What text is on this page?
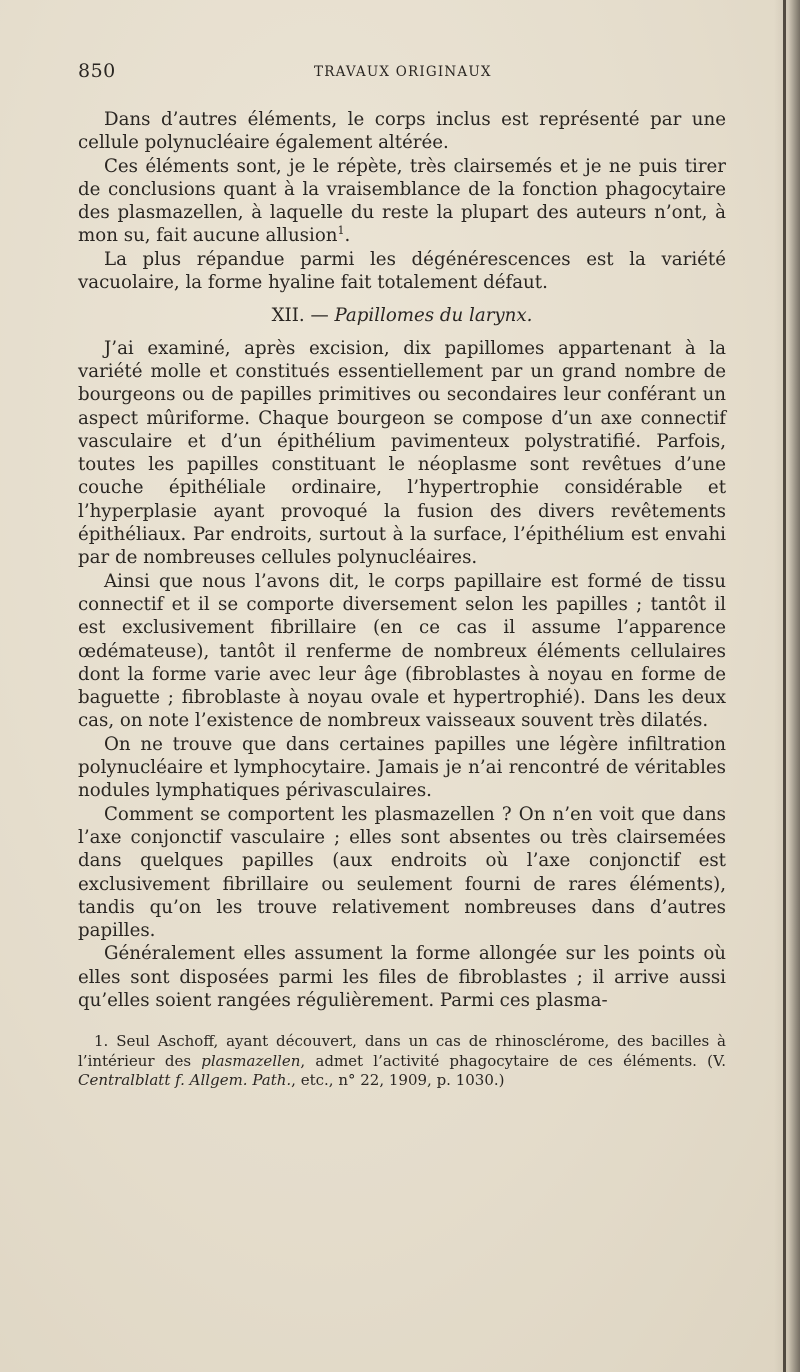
850	TRAVAUX ORIGINAUX

Dans d’autres éléments, le corps inclus est représenté par une cellule polynucléaire également altérée.

Ces éléments sont, je le répète, très clairsemés et je ne puis tirer de conclusions quant à la vraisemblance de la fonction phagocytaire des plasmazellen, à laquelle du reste la plupart des auteurs n’ont, à mon su, fait aucune allusion$^1$.

La plus répandue parmi les dégénérescences est la variété vacuolaire, la forme hyaline fait totalement défaut.

XII. — Papillomes du larynx.

J’ai examiné, après excision, dix papillomes appartenant à la variété molle et constitués essentiellement par un grand nombre de bourgeons ou de papilles primitives ou secondaires leur conférant un aspect mûriforme. Chaque bourgeon se compose d’un axe connectif vasculaire et d’un épithélium pavimenteux polystratifié. Parfois, toutes les papilles constituant le néoplasme sont revêtues d’une couche épithéliale ordinaire, l’hypertrophie considérable et l’hyperplasie ayant provoqué la fusion des divers revêtements épithéliaux. Par endroits, surtout à la surface, l’épithélium est envahi par de nombreuses cellules polynucléaires.

Ainsi que nous l’avons dit, le corps papillaire est formé de tissu connectif et il se comporte diversement selon les papilles ; tantôt il est exclusivement fibrillaire (en ce cas il assume l’apparence œdémateuse), tantôt il renferme de nombreux éléments cellulaires dont la forme varie avec leur âge (fibroblastes à noyau en forme de baguette ; fibroblaste à noyau ovale et hypertrophié). Dans les deux cas, on note l’existence de nombreux vaisseaux souvent très dilatés.

On ne trouve que dans certaines papilles une légère infiltration polynucléaire et lymphocytaire. Jamais je n’ai rencontré de véritables nodules lymphatiques périvasculaires.

Comment se comportent les plasmazellen ? On n’en voit que dans l’axe conjonctif vasculaire ; elles sont absentes ou très clairsemées dans quelques papilles (aux endroits où l’axe conjonctif est exclusivement fibrillaire ou seulement fourni de rares éléments), tandis qu’on les trouve relativement nombreuses dans d’autres papilles.

Généralement elles assument la forme allongée sur les points où elles sont disposées parmi les files de fibroblastes ; il arrive aussi qu’elles soient rangées régulièrement. Parmi ces plasma-

1. Seul Aschoff, ayant découvert, dans un cas de rhinosclérome, des bacilles à l’intérieur des plasmazellen, admet l’activité phagocytaire de ces éléments. (V. Centralblatt f. Allgem. Path., etc., n° 22, 1909, p. 1030.)
